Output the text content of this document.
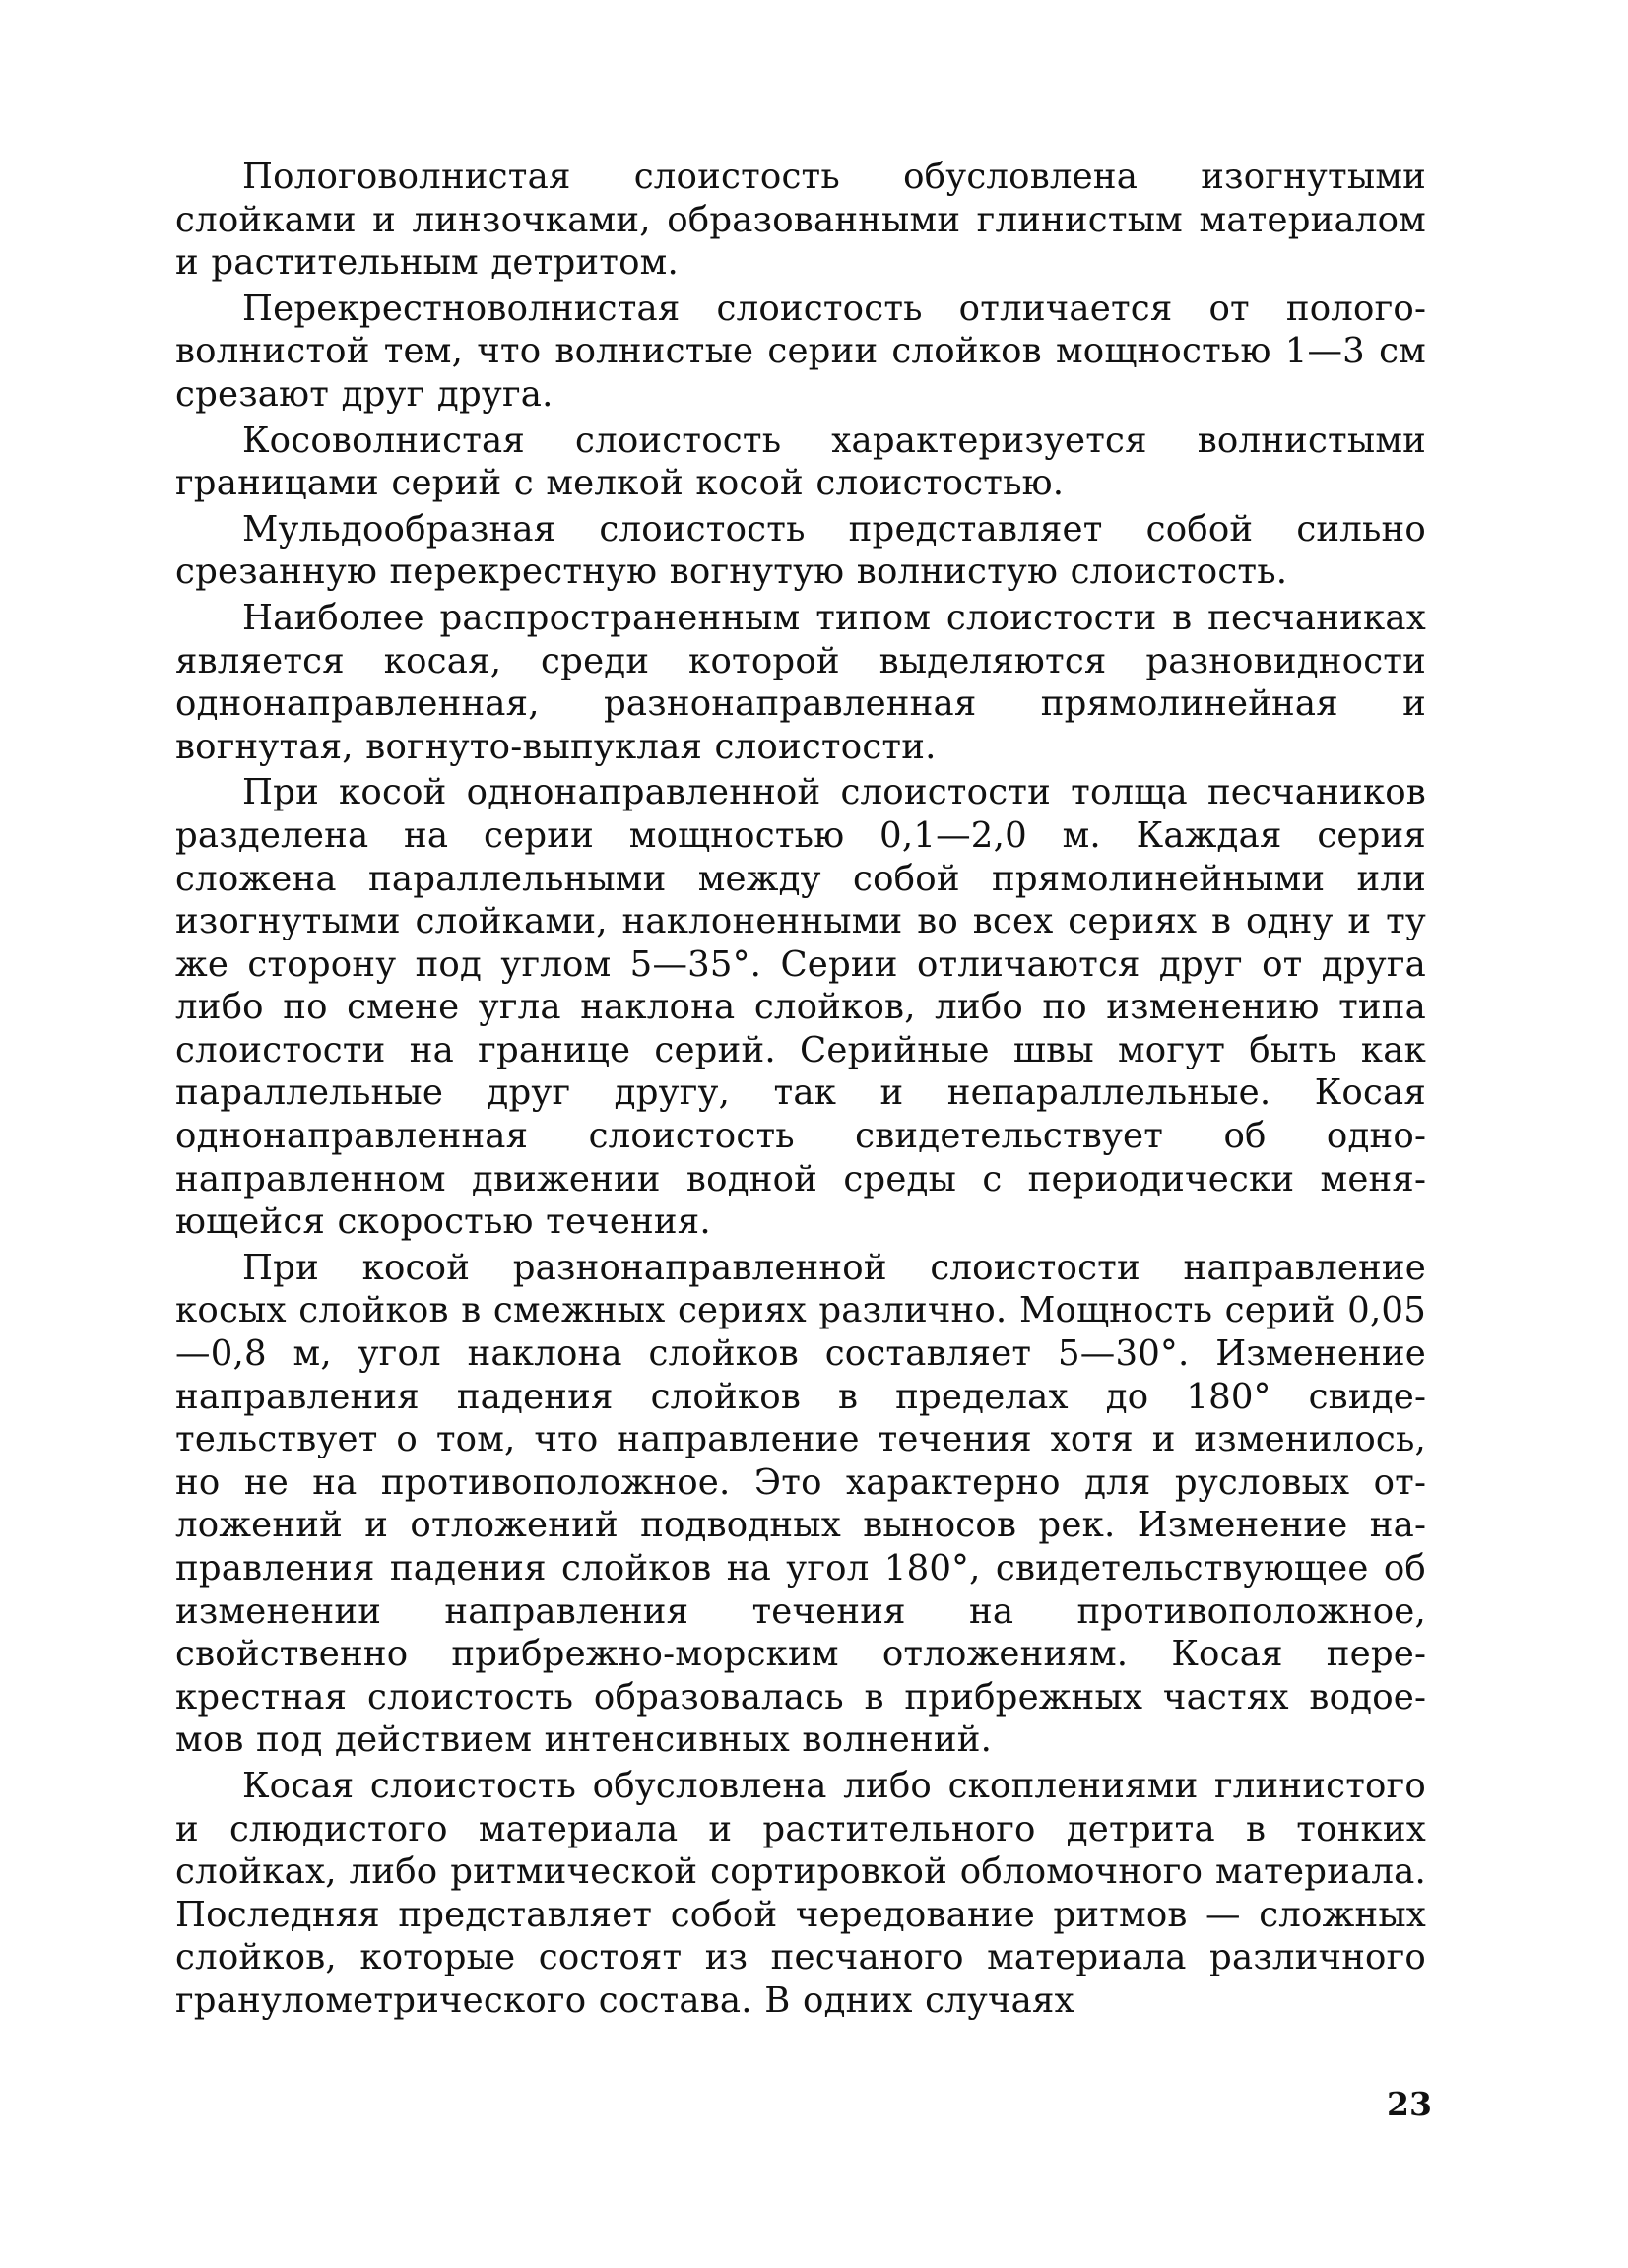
Пологоволнистая слоистость обусловлена изогнутыми слойками и линзочками, образованными глинистым материалом и растительным детритом.

Перекрестноволнистая слоистость отличается от пологоволнистой тем, что волнистые серии слойков мощностью 1—3 см срезают друг друга.

Косоволнистая слоистость характеризуется волнистыми границами серий с мелкой косой слоистостью.

Мульдообразная слоистость представляет собой сильно срезанную перекрестную вогнутую волнистую слоистость.

Наиболее распространенным типом слоистости в песчаниках является косая, среди которой выделяются разновидности однонаправленная, разнонаправленная прямолинейная и вогнутая, вогнуто-выпуклая слоистости.

При косой однонаправленной слоистости толща песчаников разделена на серии мощностью 0,1—2,0 м. Каждая серия сложена параллельными между собой прямолинейными или изогнутыми слойками, наклоненными во всех сериях в одну и ту же сторону под углом 5—35°. Серии отличаются друг от друга либо по смене угла наклона слойков, либо по изменению типа слоистости на границе серий. Серийные швы могут быть как параллельные друг другу, так и непараллельные. Косая однонаправленная слоистость свидетельствует об однонаправленном движении водной среды с периодически меняющейся скоростью течения.

При косой разнонаправленной слоистости направление косых слойков в смежных сериях различно. Мощность серий 0,05—0,8 м, угол наклона слойков составляет 5—30°. Изменение направления падения слойков в пределах до 180° свидетельствует о том, что направление течения хотя и изменилось, но не на противоположное. Это характерно для русловых отложений и отложений подводных выносов рек. Изменение направления падения слойков на угол 180°, свидетельствующее об изменении направления течения на противоположное, свойственно прибрежно-морским отложениям. Косая перекрестная слоистость образовалась в прибрежных частях водоемов под действием интенсивных волнений.

Косая слоистость обусловлена либо скоплениями глинистого и слюдистого материала и растительного детрита в тонких слойках, либо ритмической сортировкой обломочного материала. Последняя представляет собой чередование ритмов — сложных слойков, которые состоят из песчаного материала различного гранулометрического состава. В одних случаях

23
